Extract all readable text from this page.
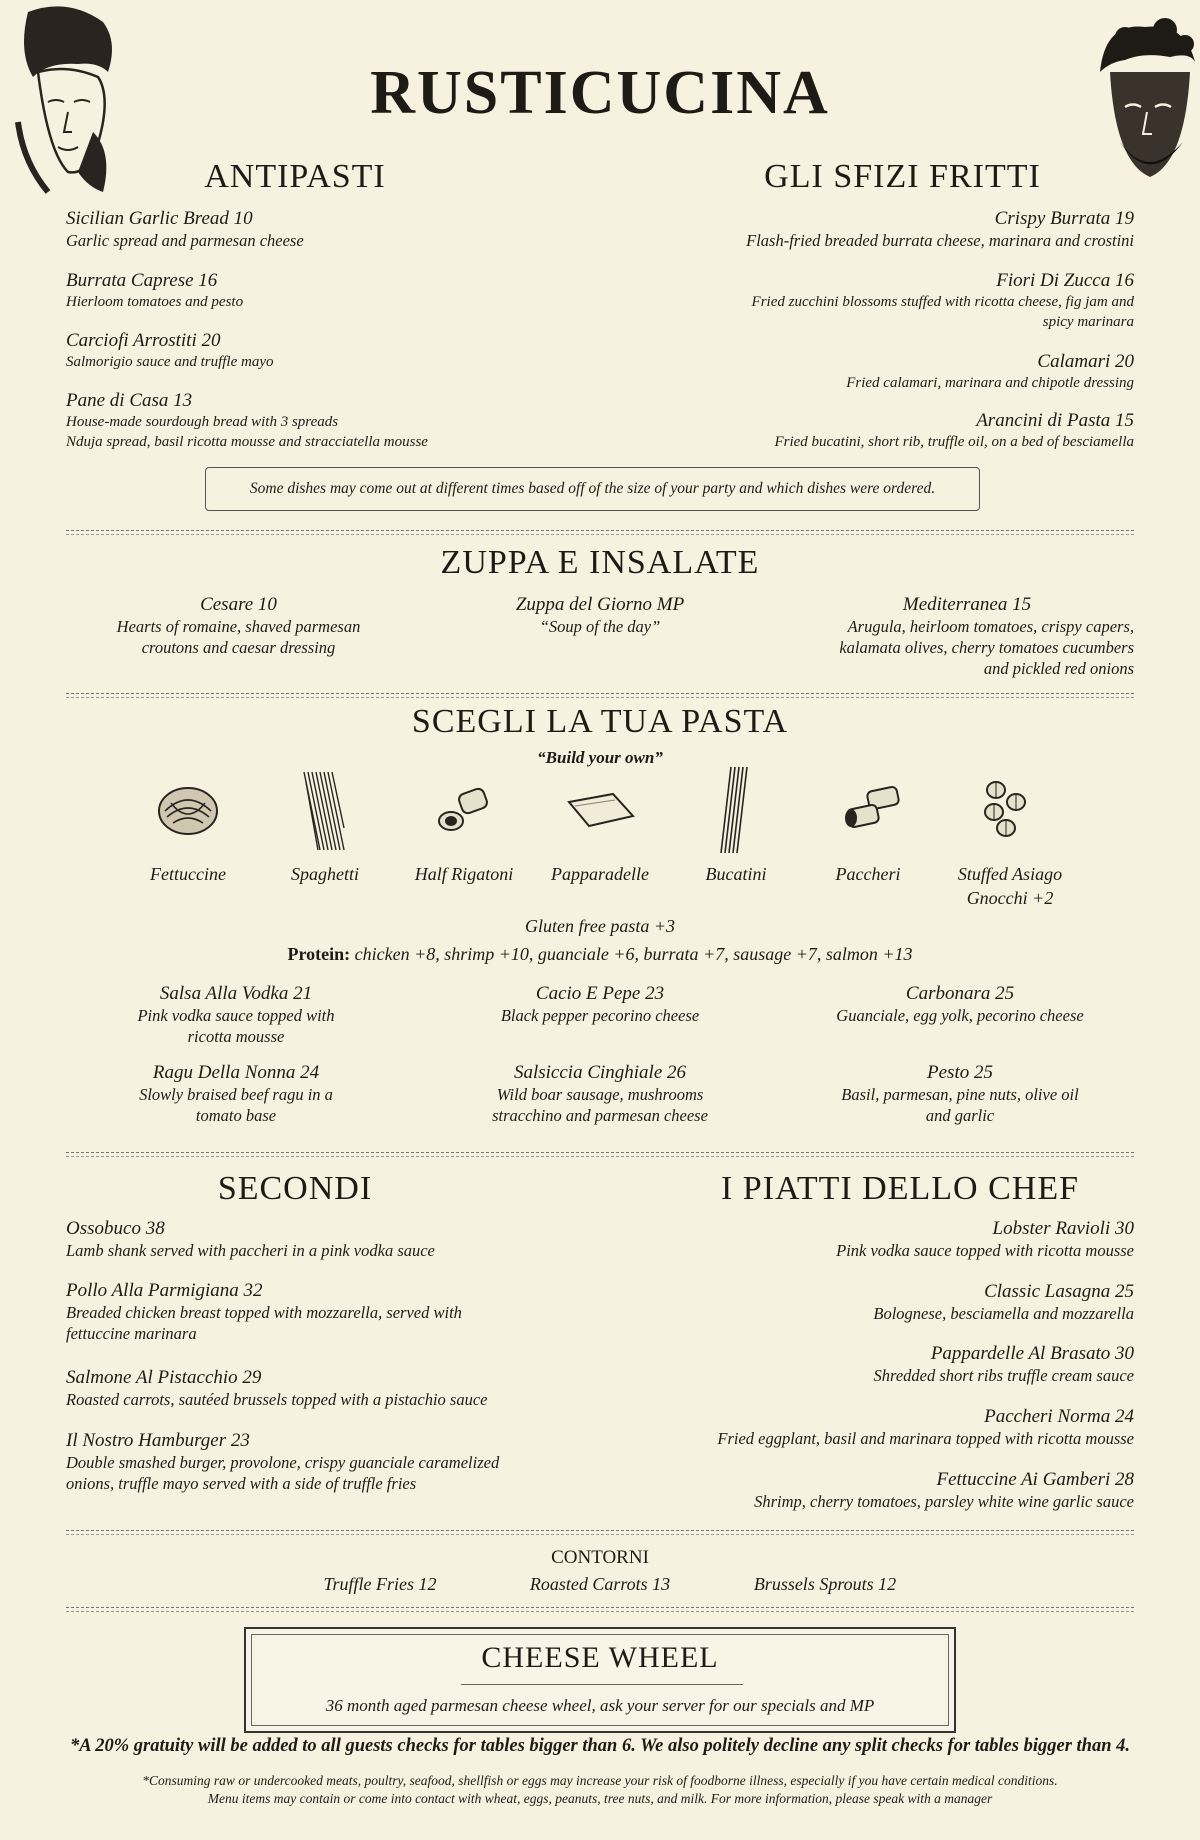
RUSTICUCINA
ANTIPASTI
Sicilian Garlic Bread 10
Garlic spread and parmesan cheese
Burrata Caprese 16
Hierloom tomatoes and pesto
Carciofi Arrostiti 20
Salmorigio sauce and truffle mayo
Pane di Casa 13
House-made sourdough bread with 3 spreads
Nduja spread, basil ricotta mousse and stracciatella mousse
GLI SFIZI FRITTI
Crispy Burrata 19
Flash-fried breaded burrata cheese, marinara and crostini
Fiori Di Zucca 16
Fried zucchini blossoms stuffed with ricotta cheese, fig jam and
spicy marinara
Calamari 20
Fried calamari, marinara and chipotle dressing
Arancini di Pasta 15
Fried bucatini, short rib, truffle oil, on a bed of besciamella
Some dishes may come out at different times based off of the size of your party and which dishes were ordered.
ZUPPA E INSALATE
Cesare 10
Hearts of romaine, shaved parmesan
croutons and caesar dressing
Zuppa del Giorno MP
“Soup of the day”
Mediterranea 15
Arugula, heirloom tomatoes, crispy capers,
kalamata olives, cherry tomatoes cucumbers
and pickled red onions
SCEGLI LA TUA PASTA
“Build your own”
Fettuccine	Spaghetti	Half Rigatoni	Papparadelle	Bucatini	Paccheri	Stuffed Asiago
Gnocchi +2
Gluten free pasta +3
Protein: chicken +8, shrimp +10, guanciale +6, burrata +7, sausage +7, salmon +13
Salsa Alla Vodka 21
Pink vodka sauce topped with
ricotta mousse
Cacio E Pepe 23
Black pepper pecorino cheese
Carbonara 25
Guanciale, egg yolk, pecorino cheese
Ragu Della Nonna 24
Slowly braised beef ragu in a
tomato base
Salsiccia Cinghiale 26
Wild boar sausage, mushrooms
stracchino and parmesan cheese
Pesto 25
Basil, parmesan, pine nuts, olive oil
and garlic
SECONDI
Ossobuco 38
Lamb shank served with paccheri in a pink vodka sauce
Pollo Alla Parmigiana 32
Breaded chicken breast topped with mozzarella, served with
fettuccine marinara
Salmone Al Pistacchio 29
Roasted carrots, sautéed brussels topped with a pistachio sauce
Il Nostro Hamburger 23
Double smashed burger, provolone, crispy guanciale caramelized
onions, truffle mayo served with a side of truffle fries
I PIATTI DELLO CHEF
Lobster Ravioli 30
Pink vodka sauce topped with ricotta mousse
Classic Lasagna 25
Bolognese, besciamella and mozzarella
Pappardelle Al Brasato 30
Shredded short ribs truffle cream sauce
Paccheri Norma 24
Fried eggplant, basil and marinara topped with ricotta mousse
Fettuccine Ai Gamberi 28
Shrimp, cherry tomatoes, parsley white wine garlic sauce
CONTORNI
Truffle Fries 12	Roasted Carrots 13	Brussels Sprouts 12
CHEESE WHEEL
36 month aged parmesan cheese wheel, ask your server for our specials and MP
*A 20% gratuity will be added to all guests checks for tables bigger than 6. We also politely decline any split checks for tables bigger than 4.
*Consuming raw or undercooked meats, poultry, seafood, shellfish or eggs may increase your risk of foodborne illness, especially if you have certain medical conditions.
Menu items may contain or come into contact with wheat, eggs, peanuts, tree nuts, and milk. For more information, please speak with a manager
